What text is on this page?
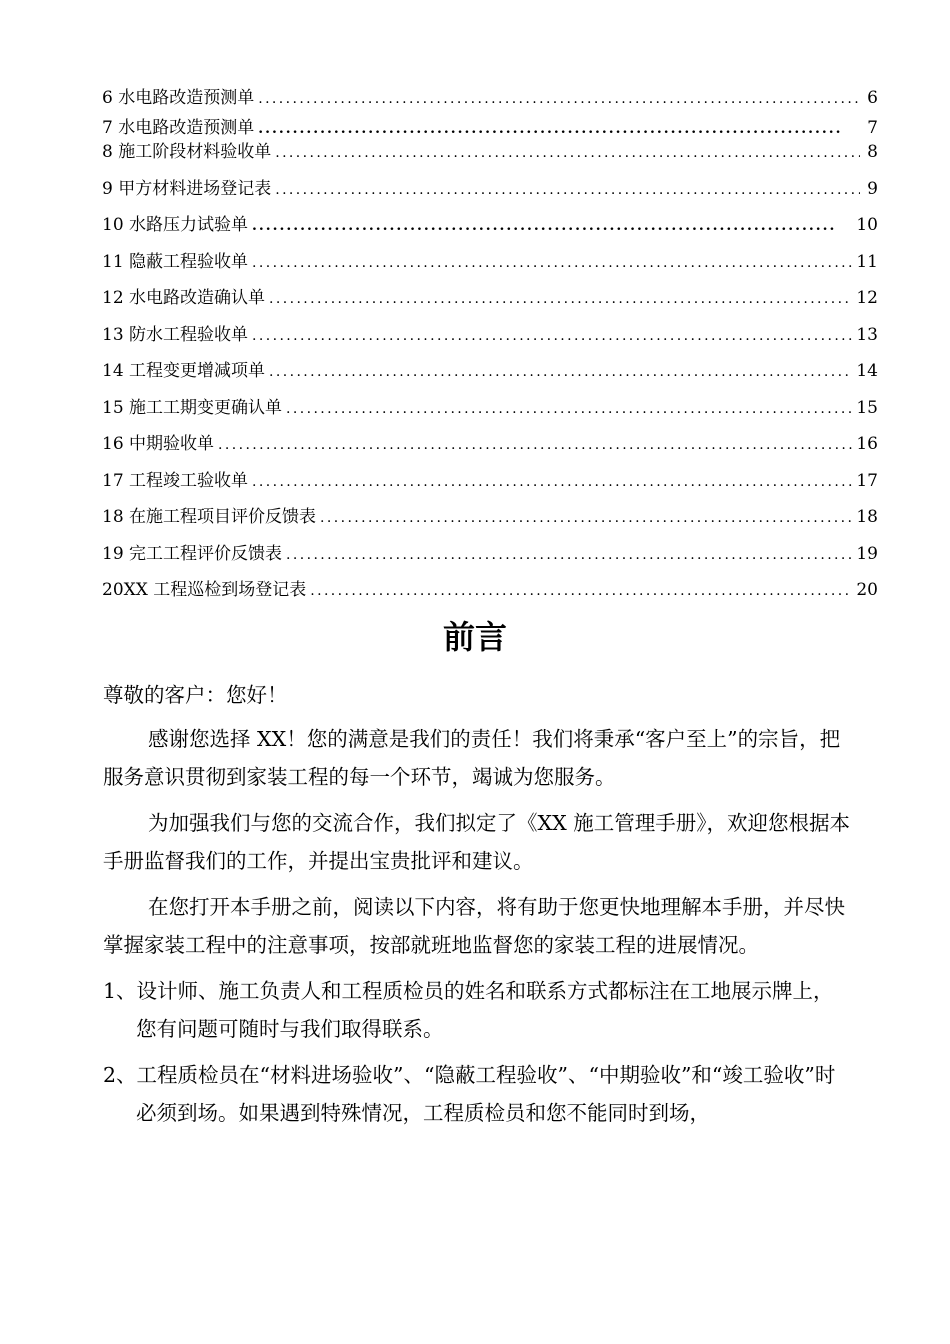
6 水电路改造预测单 .....	6
7 水电路改造预测单 .....	7
8 施工阶段材料验收单 .....	8
9 甲方材料进场登记表 .....	9
10 水路压力试验单 .....	10
11 隐蔽工程验收单 .....	11
12 水电路改造确认单 .....	12
13 防水工程验收单 .....	13
14 工程变更增减项单 .....	14
15 施工工期变更确认单 .....	15
16 中期验收单 .....	16
17 工程竣工验收单 .....	17
18 在施工程项目评价反馈表 .....	18
19 完工工程评价反馈表 .....	19
20XX 工程巡检到场登记表 .....	20
前言

尊敬的客户：您好！

感谢您选择 XX！您的满意是我们的责任！我们将秉承“客户至上”的宗旨，把服务意识贯彻到家装工程的每一个环节，竭诚为您服务。

为加强我们与您的交流合作，我们拟定了《XX 施工管理手册》，欢迎您根据本手册监督我们的工作，并提出宝贵批评和建议。

在您打开本手册之前，阅读以下内容，将有助于您更快地理解本手册，并尽快掌握家装工程中的注意事项，按部就班地监督您的家装工程的进展情况。

1、设计师、施工负责人和工程质检员的姓名和联系方式都标注在工地展示牌上，您有问题可随时与我们取得联系。

2、工程质检员在“材料进场验收”、“隐蔽工程验收”、“中期验收”和“竣工验收”时必须到场。如果遇到特殊情况，工程质检员和您不能同时到场，
